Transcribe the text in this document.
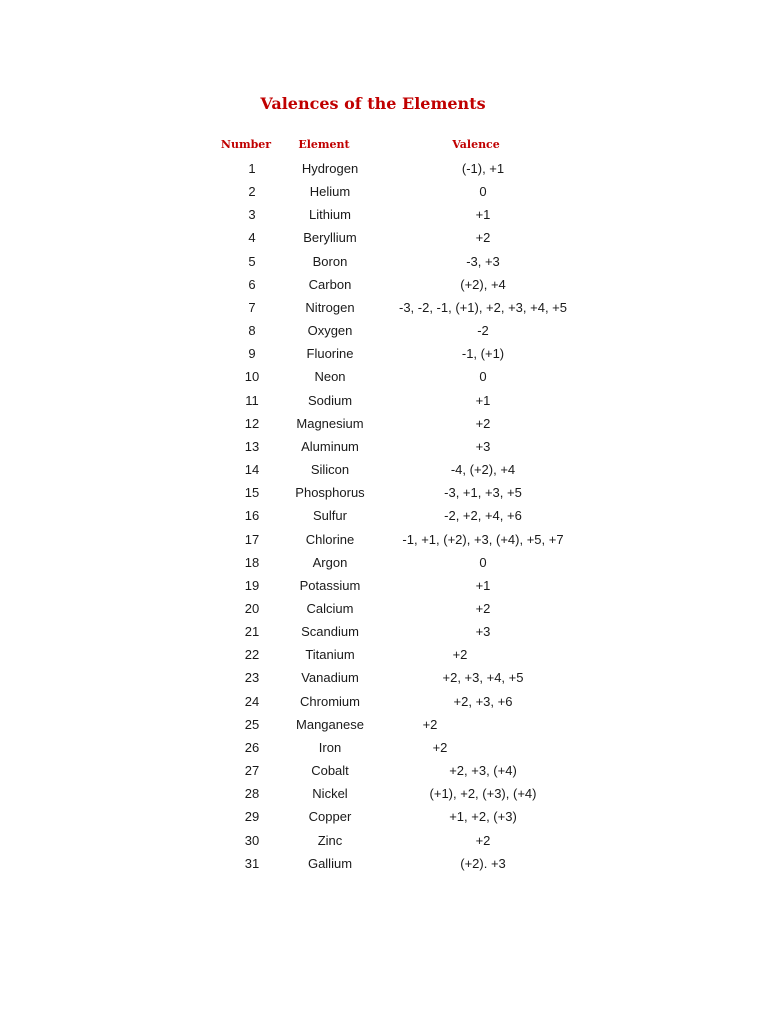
Valences of the Elements
Number	Element	Valence
1	Hydrogen	(-1), +1
2	Helium	0
3	Lithium	+1
4	Beryllium	+2
5	Boron	-3, +3
6	Carbon	(+2), +4
7	Nitrogen	-3, -2, -1, (+1), +2, +3, +4, +5
8	Oxygen	-2
9	Fluorine	-1, (+1)
10	Neon	0
11	Sodium	+1
12	Magnesium	+2
13	Aluminum	+3
14	Silicon	-4, (+2), +4
15	Phosphorus	-3, +1, +3, +5
16	Sulfur	-2, +2, +4, +6
17	Chlorine	-1, +1, (+2), +3, (+4), +5, +7
18	Argon	0
19	Potassium	+1
20	Calcium	+2
21	Scandium	+3
22	Titanium	+2
23	Vanadium	+2, +3, +4, +5
24	Chromium	+2, +3, +6
25	Manganese	+2
26	Iron	+2
27	Cobalt	+2, +3, (+4)
28	Nickel	(+1), +2, (+3), (+4)
29	Copper	+1, +2, (+3)
30	Zinc	+2
31	Gallium	(+2). +3
